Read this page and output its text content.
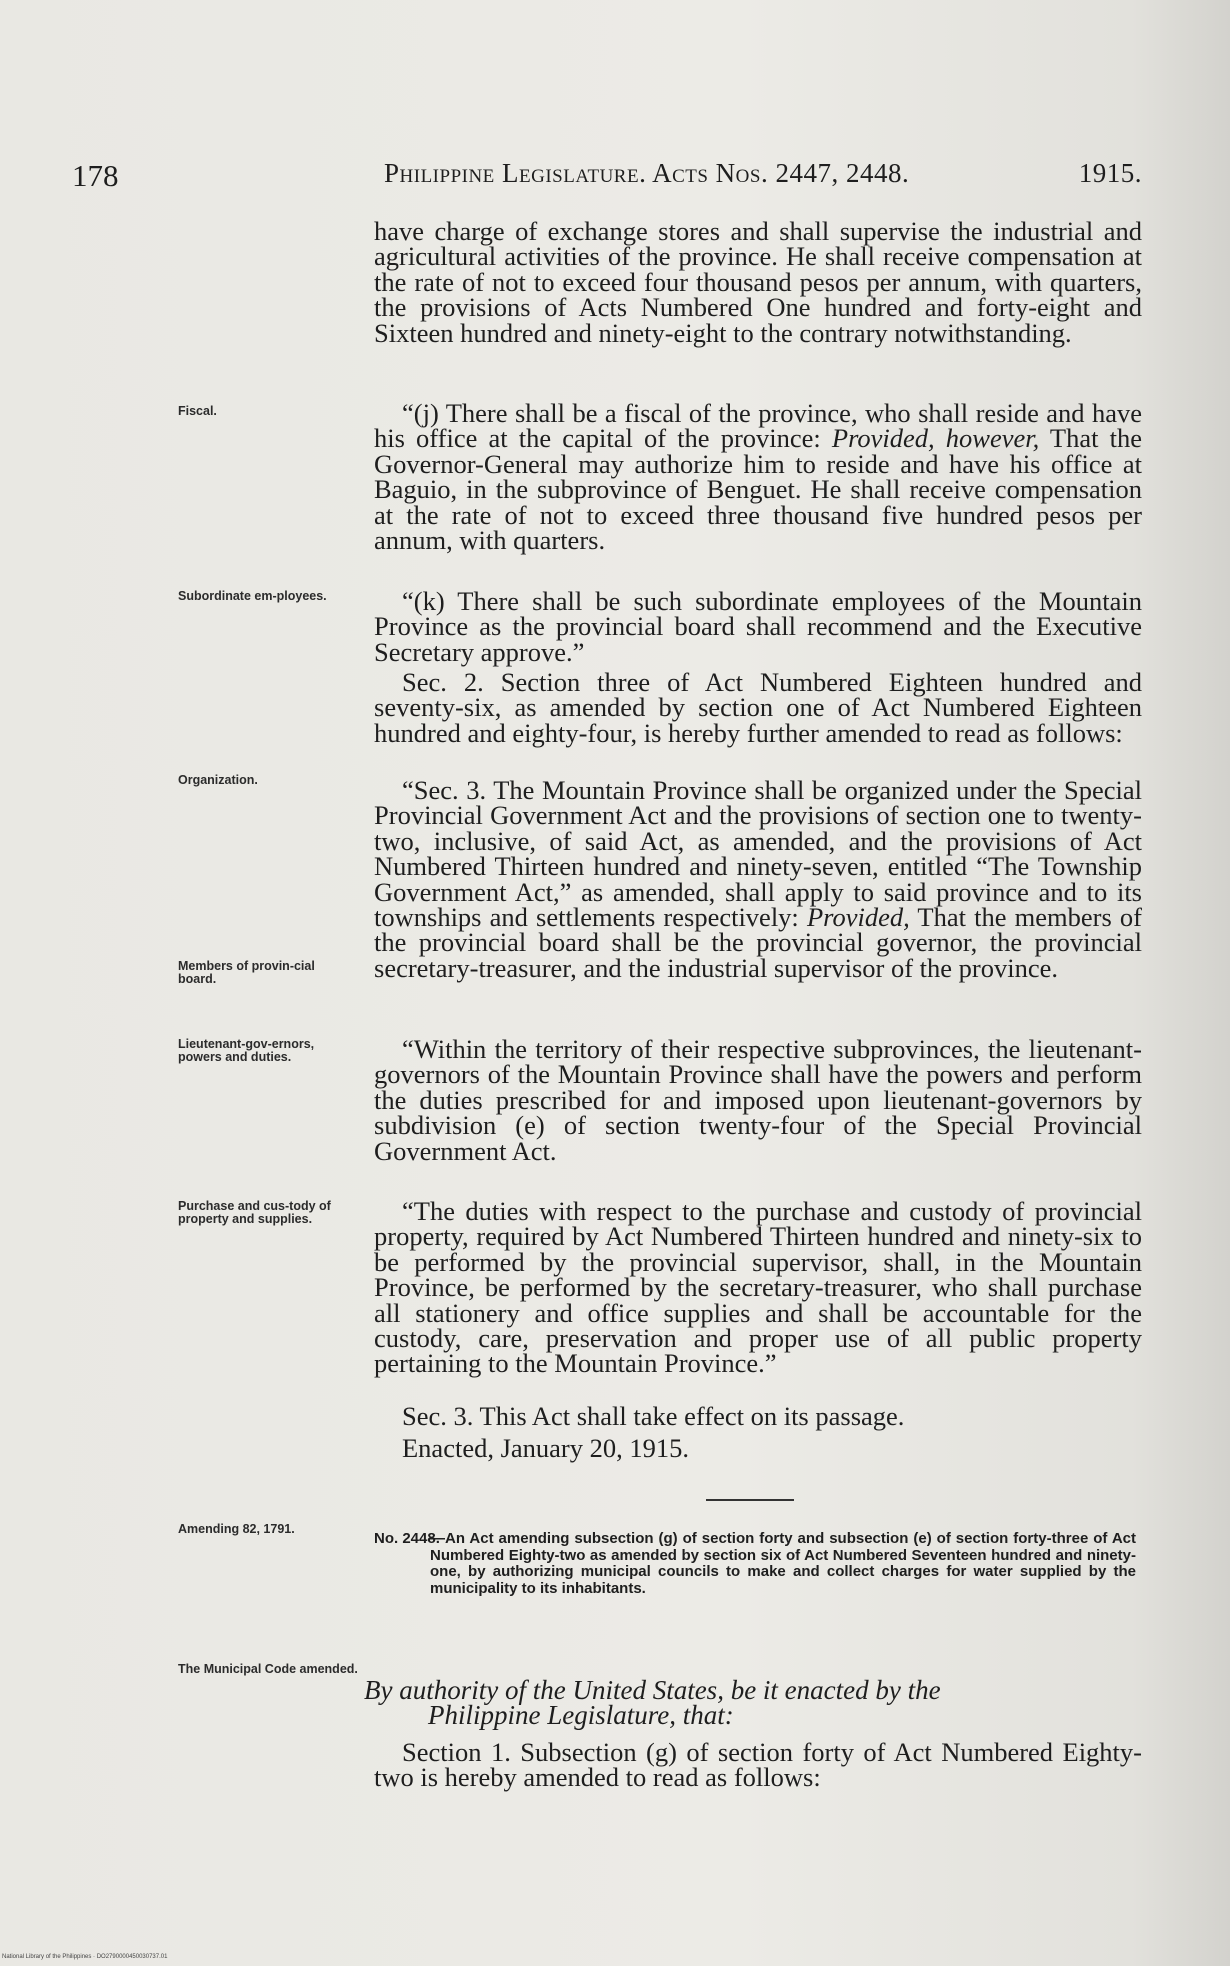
178	Philippine Legislature. Acts Nos. 2447, 2448.	1915.

have charge of exchange stores and shall supervise the industrial and agricultural activities of the province. He shall receive compensation at the rate of not to exceed four thousand pesos per annum, with quarters, the provisions of Acts Numbered One hundred and forty-eight and Sixteen hundred and ninety-eight to the contrary notwithstanding.

Fiscal.	“(j) There shall be a fiscal of the province, who shall reside and have his office at the capital of the province: Provided, however, That the Governor-General may authorize him to reside and have his office at Baguio, in the subprovince of Benguet. He shall receive compensation at the rate of not to exceed three thousand five hundred pesos per annum, with quarters.

Subordinate em-ployees.	“(k) There shall be such subordinate employees of the Mountain Province as the provincial board shall recommend and the Executive Secretary approve.”

Sec. 2. Section three of Act Numbered Eighteen hundred and seventy-six, as amended by section one of Act Numbered Eighteen hundred and eighty-four, is hereby further amended to read as follows:

Organization.	“Sec. 3. The Mountain Province shall be organized under the Special Provincial Government Act and the provisions of section one to twenty-two, inclusive, of said Act, as amended, and the provisions of Act Numbered Thirteen hundred and ninety-seven, entitled “The Township Government Act,” as amended, shall apply to said province and to its townships and settlements respectively: Provided, That the members of the provincial board shall be the provincial governor, the provincial secretary-treasurer, and the industrial supervisor of the province.

Members of provin-cial board.
Lieutenant-gov-ernors, powers and duties.	“Within the territory of their respective subprovinces, the lieutenant-governors of the Mountain Province shall have the powers and perform the duties prescribed for and imposed upon lieutenant-governors by subdivision (e) of section twenty-four of the Special Provincial Government Act.

Purchase and cus-tody of property and supplies.	“The duties with respect to the purchase and custody of provincial property, required by Act Numbered Thirteen hundred and ninety-six to be performed by the provincial supervisor, shall, in the Mountain Province, be performed by the secretary-treasurer, who shall purchase all stationery and office supplies and shall be accountable for the custody, care, preservation and proper use of all public property pertaining to the Mountain Province.”

Sec. 3. This Act shall take effect on its passage.

Enacted, January 20, 1915.

Amending 82, 1791.

No. 2448.
—An Act amending subsection (g) of section forty and subsection (e) of section forty-three of Act Numbered Eighty-two as amended by section six of Act Numbered Seventeen hundred and ninety-one, by authorizing municipal councils to make and collect charges for water supplied by the municipality to its inhabitants.

The Municipal Code amended.

By authority of the United States, be it enacted by the
Philippine Legislature, that:

Section 1. Subsection (g) of section forty of Act Numbered Eighty-two is hereby amended to read as follows:

National Library of the Philippines · DO2790000450030737.01
